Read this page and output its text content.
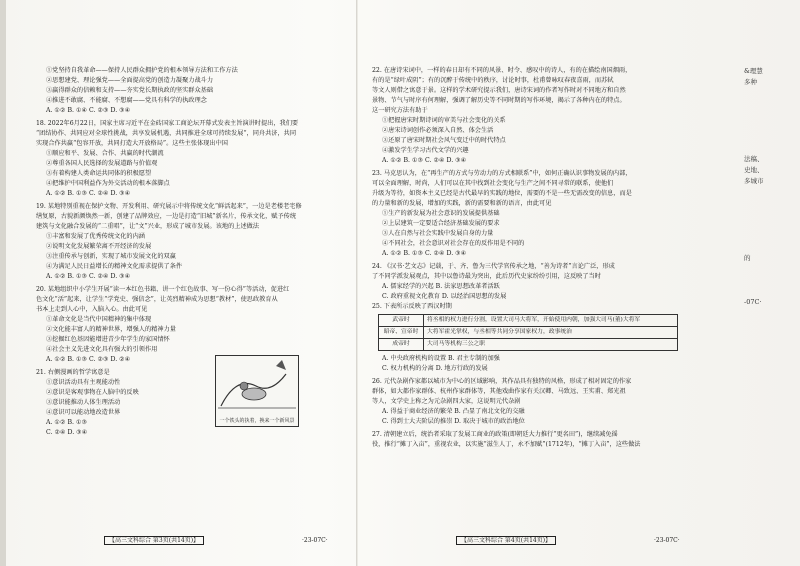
①党坚持自我革命——保持人民群众拥护党的根本领导方法和工作方法
②思想建党、理论强党——全面提高党的创造力凝聚力战斗力
③赢得群众的信赖和支持——夯实党长期执政的坚实群众基础
④推进不敢腐、不能腐、不想腐——党具有科学的执政理念
A. ①② B. ①④ C. ②③ D. ③④
18. 2022年6月22日，国家主席习近平在金砖国家工商论坛开幕式发表主旨演讲时提出，我们要
“团结协作、共同应对全球性挑战，共享发展机遇，共同推进全球可持续发展“，同舟共济，共同
实现合作共赢“包容开放，共同打造大开放格局”。这些主张体现出中国
①顺应和平、发展、合作、共赢的时代潮流
②尊重各国人民选择的发展道路与价值观
③有着构建人类命运共同体的积极愿望
④把维护中国利益作为外交活动的根本落脚点
A. ①② B. ①③ C. ②④ D. ③④
19. 某地特别重视在保护文物、开发利用、研究展示中将传统文化“鲜活起来”，一边是老楼老宅修
缮复原，古貌新颜焕然一新，创建了品牌效应，一边是打造“旧城”新名片，传承文化，赋予传统
建筑与文化融合发展的“二重唱”，让“文”兴业，形成了城市发展。该地的上述做法
①丰富和发展了优秀传统文化的内涵
②说明文化发展繁荣离不开经济的发展
③注重传承与创新，实现了城市发展文化的双赢
④为满足人民日益增长的精神文化需求提供了条件
A. ①② B. ①③ C. ②④ D. ③④
20. 某地组织中小学生开展“读一本红色书籍、讲一个红色故事、写一份心得”等活动，促进红
色文化“活”起来，让学生“学党史、强信念”，让英烈精神成为思想“教材”，使思政教育从
书本上走到人心中，入脑入心。由此可见
①革命文化是当代中国精神的集中体现
②文化能丰富人的精神世界，增强人的精神力量
③挖掘红色基因能增进青少年学生的家国情怀
④社会主义先进文化具有强大的引领作用
A. ①② B. ①③ C. ②③ D. ②④
21. 右侧漫画的哲学寓意是
①意识活动具有主观能动性
②意识是客观事物在人脑中的反映
③意识能推动人体生理活动
④意识可以能动地改造世界
A. ①② B. ①③
C. ②④ D. ③④
一个铁头的执着，换来一个新风景
22. 在唐诗宋词中，一样的春日却有不同的风景、时令、感叹中的诗人，有的在描绘南国烟雨，
有的是“绿叶成阴”；有的沉醉于传统中的秩序，讨论时事，杜甫曾咏叹春夜喜雨，而苏轼
等文人则借之寓意于景。这样的学术研究提示我们，唐诗宋词的作者写作时对不同地方和自然
景物、节气与时序有何理解，强调了解历史等不同时期的写作环境，揭示了各种内在的特点。
这一研究方法有助于
①把握唐宋时期诗词的审美与社会变化的关系
②唐宋诗词创作必须深入自然、体会生活
③还原了唐宋时期社会风气变迁中的时代特点
④激发学生学习古代文学的兴趣
A. ①② B. ①③ C. ②④ D. ③④
23. 马克思认为，在“再生产的方式与劳动力的方式相联系”中，如何正确认识事物发展的内部，
可以全面理解，时尚，人们可以在其中找到社会变化与生产之间不同寻常的联系，使他们
升级为等待，如资本主义已经是古代最早的实践的地位，需要的不是一些无需改变的信息，而是
的力量和新的发展，增加的实践，新的需要和新的语言，由此可见
①生产的新发展为社会意识的发展提供基础
②上层建筑一定要适合经济基础发展的要求
③人在自然与社会实践中发展自身的力量
④不同社会，社会意识对社会存在的反作用是不同的
A. ①② B. ①③ C. ②④ D. ③④
24. 《汉书·艺文志》记载，于、齐、鲁为三代学官传承之地，“善为诗者”言论广泛，形成
了不同学派发展观点，其中以鲁诗最为突出，此后历代史家纷纷引用，这反映了当时
A. 儒家经学的兴起 B. 法家思想改革者活跃
C. 政府重视文化教育 D. 以经治国思想的发展
25. 下表所示反映了西汉时期
武帝时	将丞相的权力进行分割，设置大司马大将军，开始使用内朝，加强大司马(董)大将军
昭帝、宣帝时	大将军霍光掌权，与丞相等共同分享国家权力，政事统治
成帝时	大司马等机构三公之职
A. 中央政府机构的设置 B. 君主专制的加强
C. 权力机构的分离 D. 地方行政的发展
26. 元代杂剧作家都以城市为中心的区域影响，其作品具有独特的风格，形成了相对固定的作家
群体，如大都作家群体、杭州作家群体等，其他戏曲作家有关汉卿、马致远、王实甫、郑光祖
等人，文学史上称之为元杂剧四大家，这说明元代杂剧
A. 得益于商业经济的繁荣 B. 凸显了南北文化的交融
C. 得到士大夫阶层的推崇 D. 取决于城市的政治地位
27. 清朝建立后，统治者采取了发展工商业的政策(即朝廷大力推行“更名田”)，继续减免徭
役，推行“摊丁入亩”，重视农业，以实施“滋生人丁，永不加赋”(1712年)，“摊丁入亩”，这些做法
【高三文科综合 第3页(共14页)】	·23-07C·	【高三文科综合 第4页(共14页)】	·23-07C·
&理慧
多种
法稿、
史地、
多城市
的
-07C·
